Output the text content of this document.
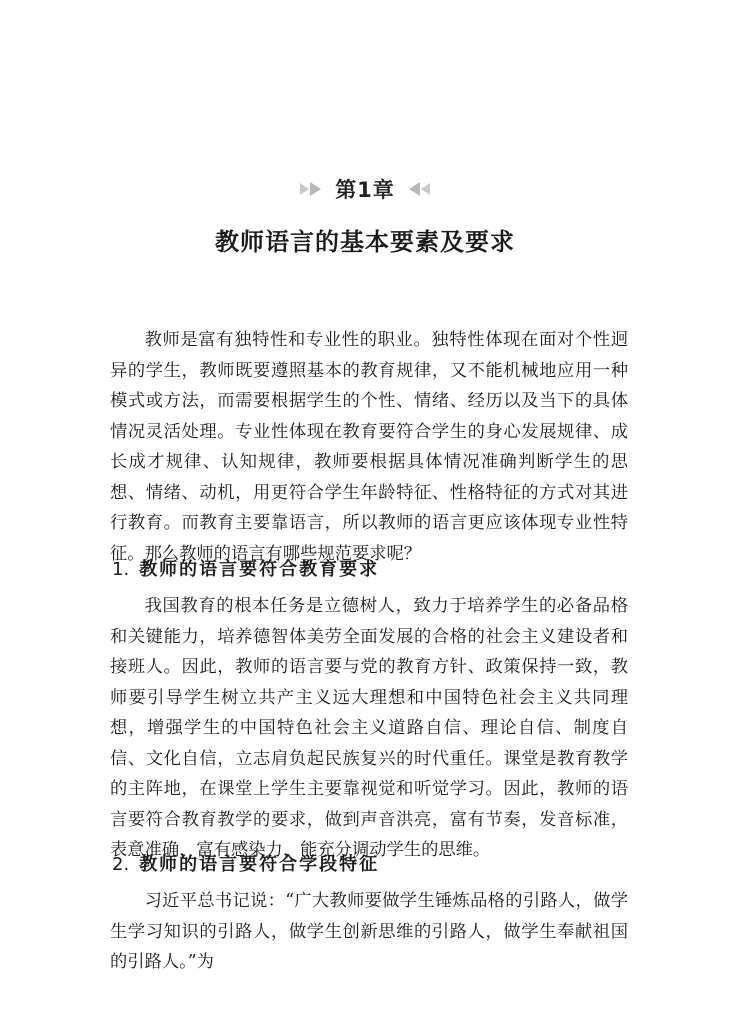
第1章
教师语言的基本要素及要求

教师是富有独特性和专业性的职业。独特性体现在面对个性迥异的学生，教师既要遵照基本的教育规律，又不能机械地应用一种模式或方法，而需要根据学生的个性、情绪、经历以及当下的具体情况灵活处理。专业性体现在教育要符合学生的身心发展规律、成长成才规律、认知规律，教师要根据具体情况准确判断学生的思想、情绪、动机，用更符合学生年龄特征、性格特征的方式对其进行教育。而教育主要靠语言，所以教师的语言更应该体现专业性特征。那么教师的语言有哪些规范要求呢？

1. 教师的语言要符合教育要求

我国教育的根本任务是立德树人，致力于培养学生的必备品格和关键能力，培养德智体美劳全面发展的合格的社会主义建设者和接班人。因此，教师的语言要与党的教育方针、政策保持一致，教师要引导学生树立共产主义远大理想和中国特色社会主义共同理想，增强学生的中国特色社会主义道路自信、理论自信、制度自信、文化自信，立志肩负起民族复兴的时代重任。课堂是教育教学的主阵地，在课堂上学生主要靠视觉和听觉学习。因此，教师的语言要符合教育教学的要求，做到声音洪亮，富有节奏，发音标准，表意准确，富有感染力，能充分调动学生的思维。

2. 教师的语言要符合学段特征

习近平总书记说：“广大教师要做学生锤炼品格的引路人，做学生学习知识的引路人，做学生创新思维的引路人，做学生奉献祖国的引路人。”为
